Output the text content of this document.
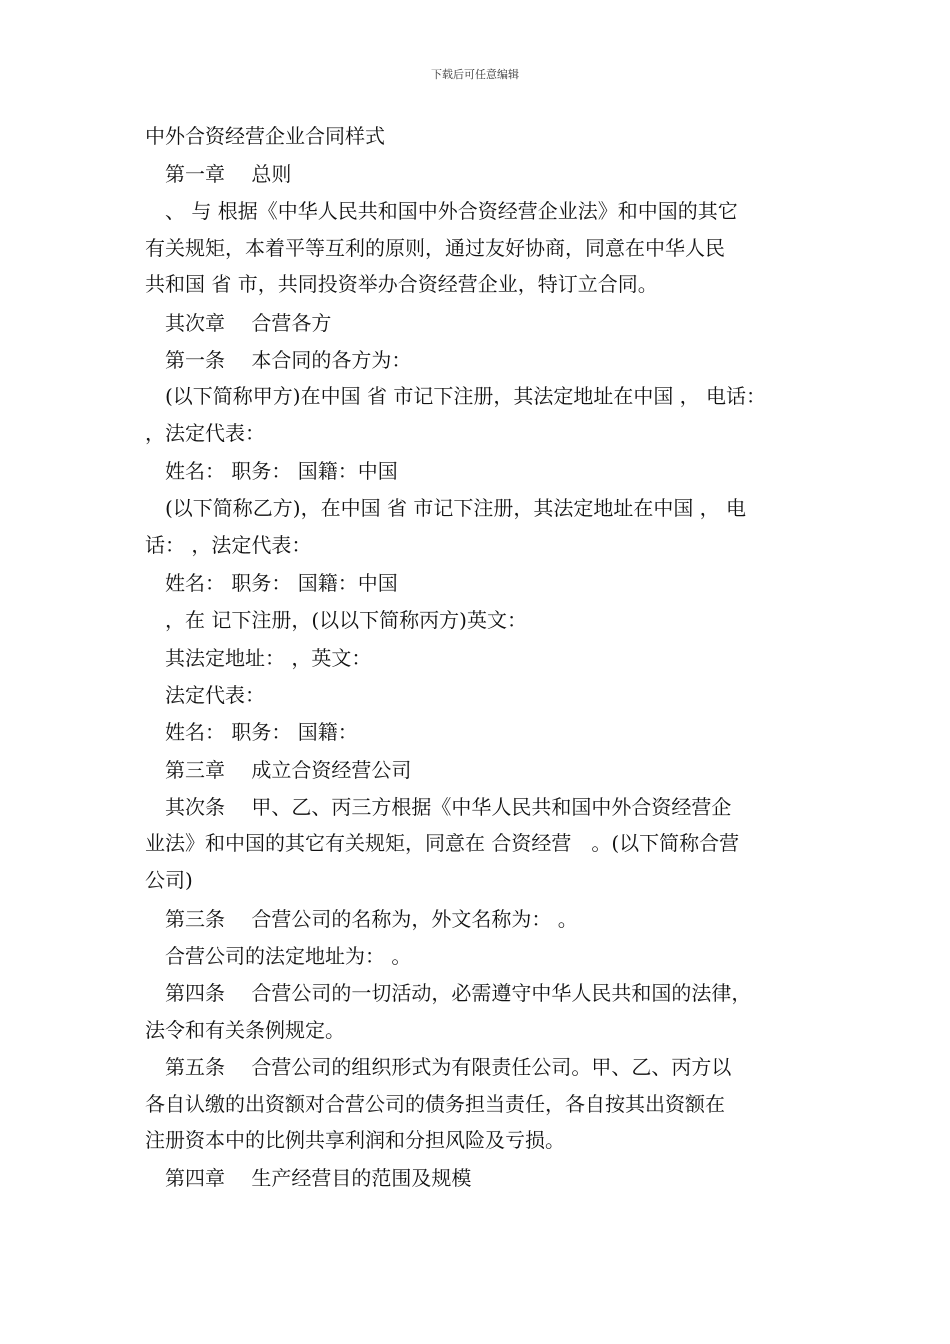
下载后可任意编辑
中外合资经营企业合同样式
　第一章　 总则
　、 与 根据《中华人民共和国中外合资经营企业法》和中国的其它
有关规矩，本着平等互利的原则，通过友好协商，同意在中华人民
共和国 省 市，共同投资举办合资经营企业，特订立合同。
　其次章　 合营各方
　第一条　 本合同的各方为：
　(以下简称甲方)在中国 省 市记下注册，其法定地址在中国 ， 电话：
，法定代表：
　姓名： 职务： 国籍：中国
　(以下简称乙方)，在中国 省 市记下注册，其法定地址在中国 ， 电
话： ，法定代表：
　姓名： 职务： 国籍：中国
　，在 记下注册，(以以下简称丙方)英文：
　其法定地址： ，英文：
　法定代表：
　姓名： 职务： 国籍：
　第三章　 成立合资经营公司
　其次条　 甲、乙、丙三方根据《中华人民共和国中外合资经营企
业法》和中国的其它有关规矩，同意在 合资经营　。(以下简称合营
公司)
　第三条　 合营公司的名称为，外文名称为： 。
　合营公司的法定地址为： 。
　第四条　 合营公司的一切活动，必需遵守中华人民共和国的法律，
法令和有关条例规定。
　第五条　 合营公司的组织形式为有限责任公司。甲、乙、丙方以
各自认缴的出资额对合营公司的债务担当责任，各自按其出资额在
注册资本中的比例共享利润和分担风险及亏损。
　第四章　 生产经营目的范围及规模
